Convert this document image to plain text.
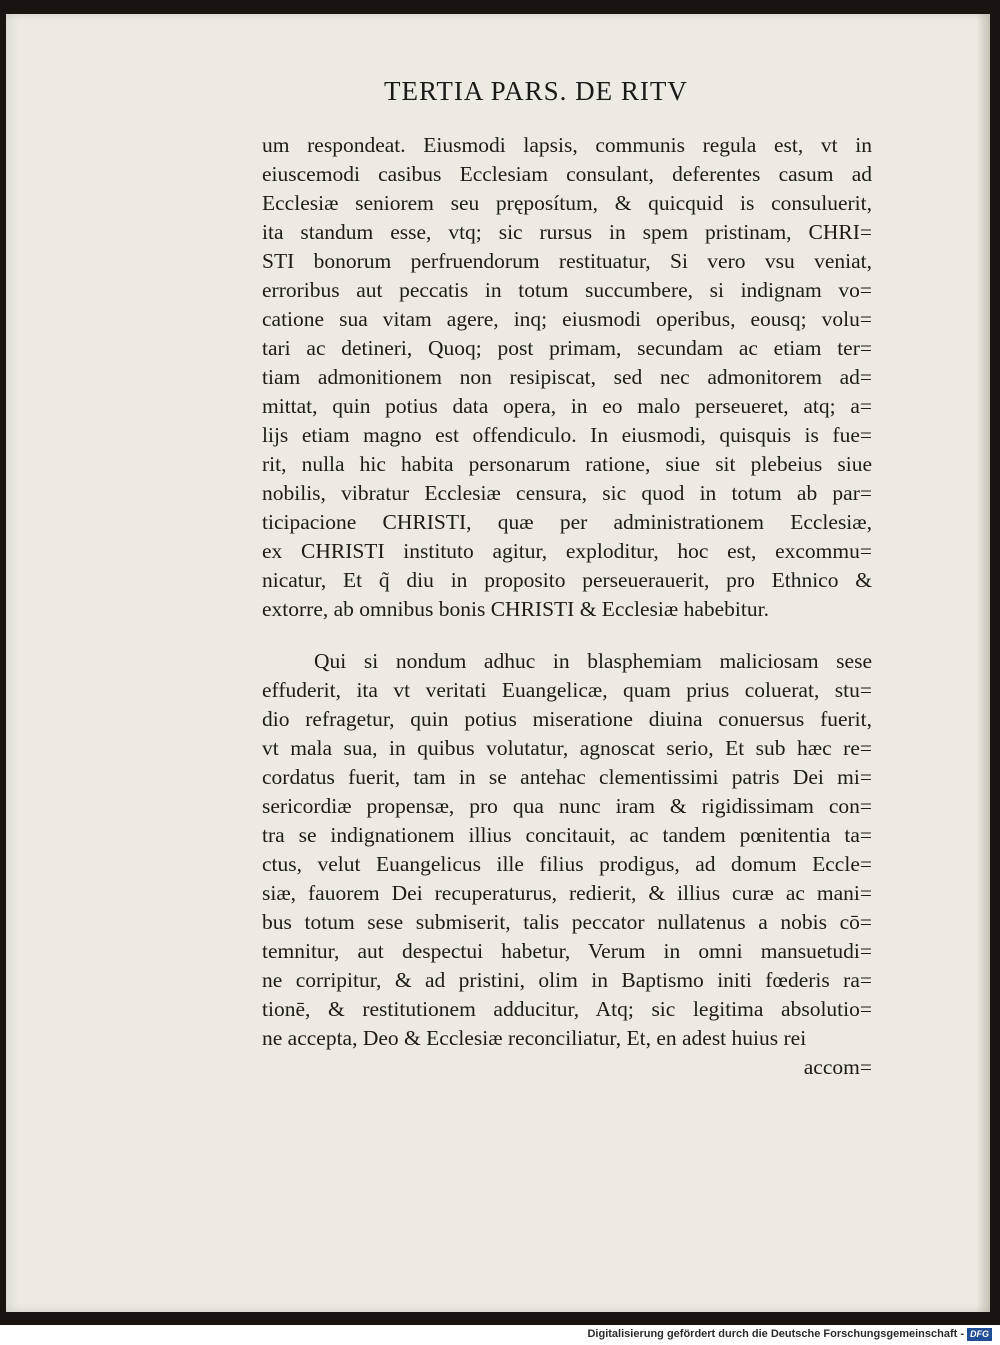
TERTIA PARS. DE RITV
um respondeat. Eiusmodi lapsis, communis regula est, vt in
eiuscemodi casibus Ecclesiam consulant, deferentes casum ad
Ecclesiæ seniorem seu pręposítum, & quicquid is consuluerit,
ita standum esse, vtq; sic rursus in spem pristinam, CHRI=
STI bonorum perfruendorum restituatur, Si vero vsu veniat,
erroribus aut peccatis in totum succumbere, si indignam vo=
catione sua vitam agere, inq; eiusmodi operibus, eousq; volu=
tari ac detineri, Quoq; post primam, secundam ac etiam ter=
tiam admonitionem non resipiscat, sed nec admonitorem ad=
mittat, quin potius data opera, in eo malo perseueret, atq; a=
lijs etiam magno est offendiculo. In eiusmodi, quisquis is fue=
rit, nulla hic habita personarum ratione, siue sit plebeius siue
nobilis, vibratur Ecclesiæ censura, sic quod in totum ab par=
ticipacione CHRISTI, quæ per administrationem Ecclesiæ,
ex CHRISTI instituto agitur, exploditur, hoc est, excommu=
nicatur, Et q̃ diu in proposito perseuerauerit, pro Ethnico &
extorre, ab omnibus bonis CHRISTI & Ecclesiæ habebitur.
Qui si nondum adhuc in blasphemiam maliciosam sese
effuderit, ita vt veritati Euangelicæ, quam prius coluerat, stu=
dio refragetur, quin potius miseratione diuina conuersus fuerit,
vt mala sua, in quibus volutatur, agnoscat serio, Et sub hæc re=
cordatus fuerit, tam in se antehac clementissimi patris Dei mi=
sericordiæ propensæ, pro qua nunc iram & rigidissimam con=
tra se indignationem illius concitauit, ac tandem pœnitentia ta=
ctus, velut Euangelicus ille filius prodigus, ad domum Eccle=
siæ, fauorem Dei recuperaturus, redierit, & illius curæ ac mani=
bus totum sese submiserit, talis peccator nullatenus a nobis cō=
temnitur, aut despectui habetur, Verum in omni mansuetudi=
ne corripitur, & ad pristini, olim in Baptismo initi fœderis ra=
tionē, & restitutionem adducitur, Atq; sic legitima absolutio=
ne accepta, Deo & Ecclesiæ reconciliatur, Et, en adest huius rei
accom=
Digitalisierung gefördert durch die Deutsche Forschungsgemeinschaft - DFG
